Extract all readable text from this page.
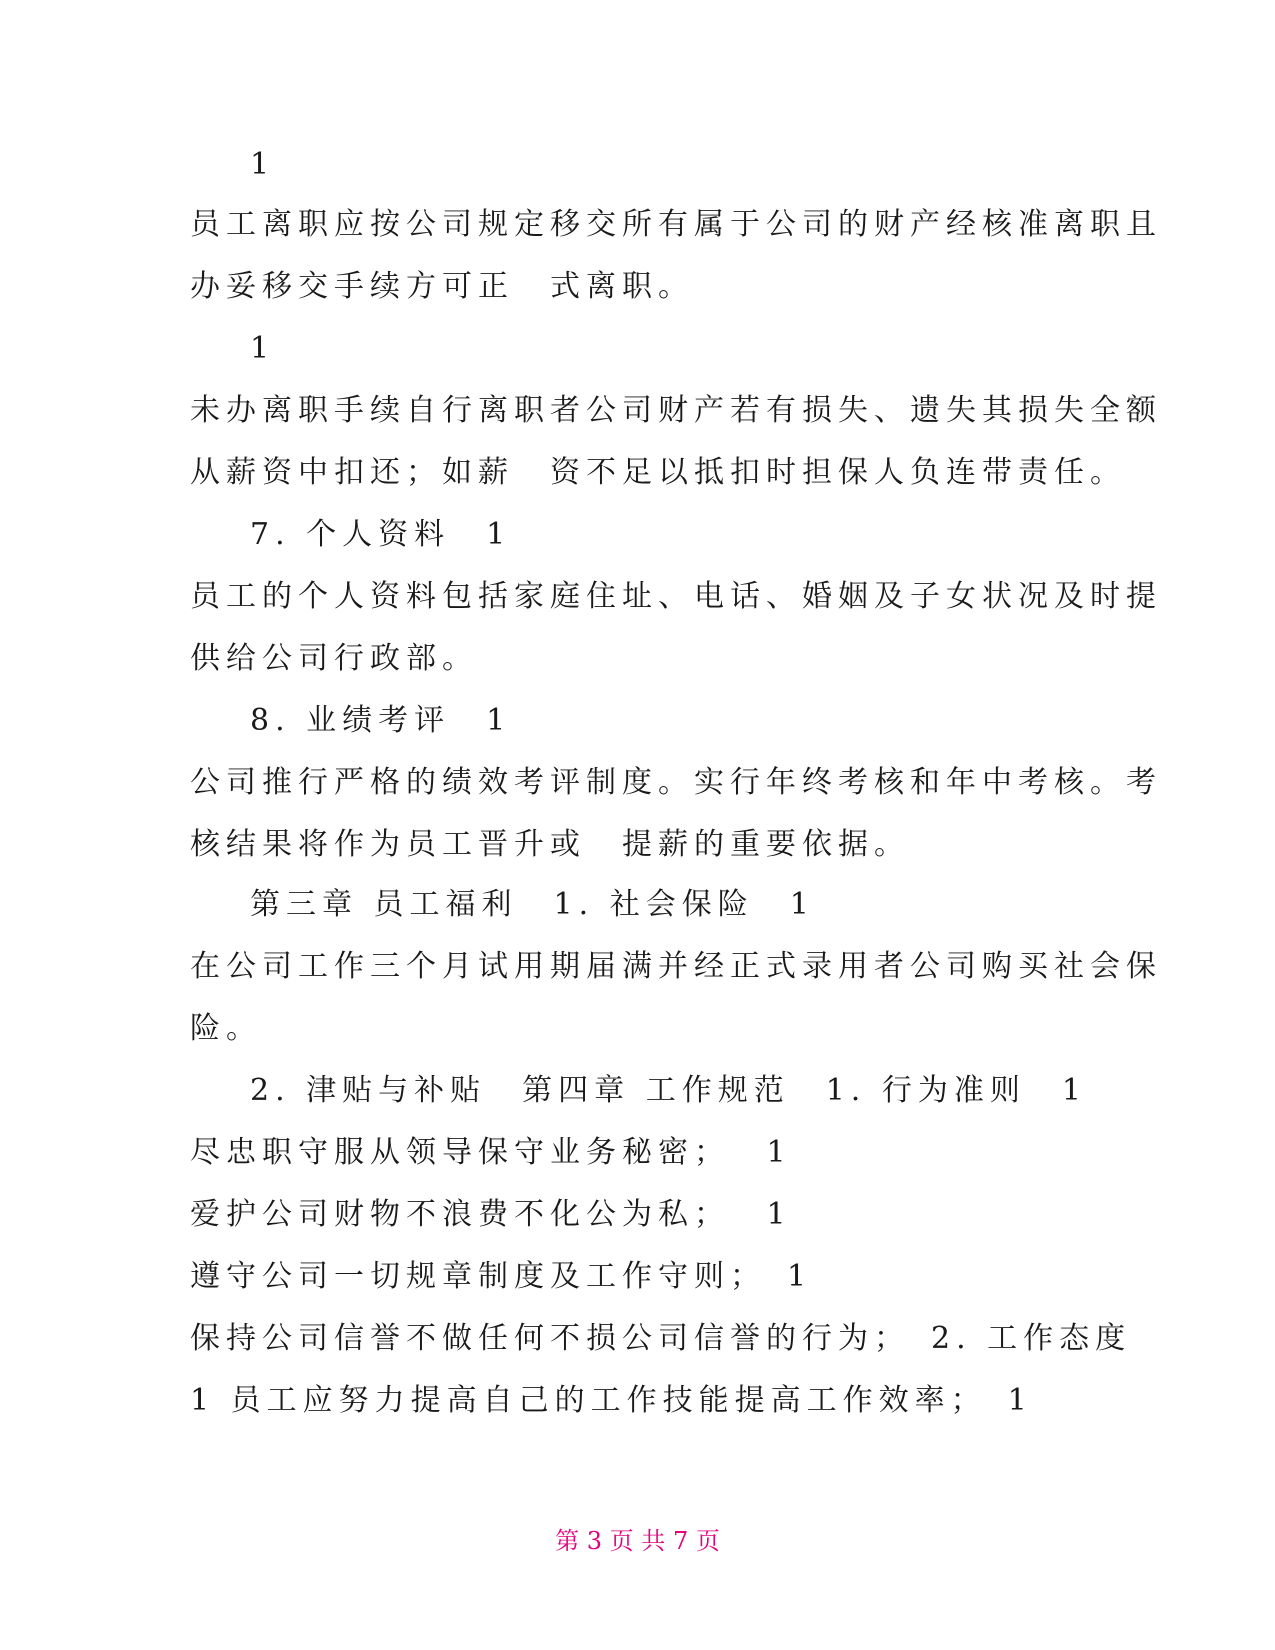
1
员工离职应按公司规定移交所有属于公司的财产经核准离职且
办妥移交手续方可正　式离职。
1
未办离职手续自行离职者公司财产若有损失、遗失其损失全额
从薪资中扣还；如薪　资不足以抵扣时担保人负连带责任。
7. 个人资料　1
员工的个人资料包括家庭住址、电话、婚姻及子女状况及时提
供给公司行政部。
8. 业绩考评　1
公司推行严格的绩效考评制度。实行年终考核和年中考核。考
核结果将作为员工晋升或　提薪的重要依据。
第三章 员工福利　1. 社会保险　1
在公司工作三个月试用期届满并经正式录用者公司购买社会保
险。
2. 津贴与补贴　第四章 工作规范　1. 行为准则　1
尽忠职守服从领导保守业务秘密；　 1
爱护公司财物不浪费不化公为私；　 1
遵守公司一切规章制度及工作守则；　1
保持公司信誉不做任何不损公司信誉的行为；　2. 工作态度
1 员工应努力提高自己的工作技能提高工作效率；　1
第 3 页 共 7 页
